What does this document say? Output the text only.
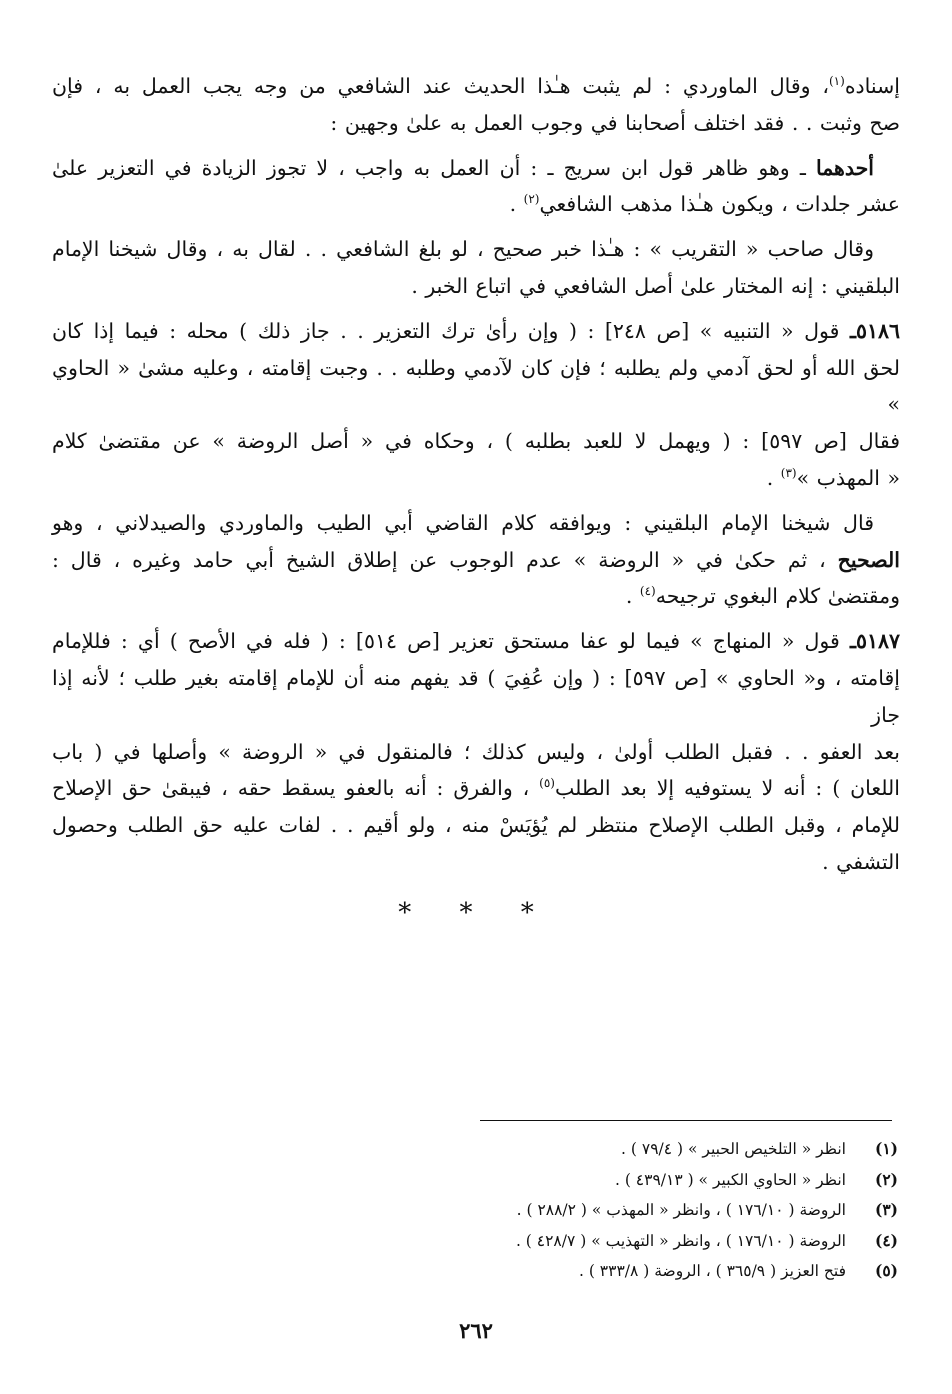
إسناده$^{(١)}$، وقال الماوردي : لم يثبت هـٰذا الحديث عند الشافعي من وجه يجب العمل به ، فإن
صح وثبت . . فقد اختلف أصحابنا في وجوب العمل به علىٰ وجهين :

أحدهما ـ وهو ظاهر قول ابن سريج ـ : أن العمل به واجب ، لا تجوز الزيادة في التعزير علىٰ
عشر جلدات ، ويكون هـٰذا مذهب الشافعي$^{(٢)}$ .

وقال صاحب « التقريب » : هـٰذا خبر صحيح ، لو بلغ الشافعي . . لقال به ، وقال شيخنا الإمام
البلقيني : إنه المختار علىٰ أصل الشافعي في اتباع الخبر .

٥١٨٦ـ قول « التنبيه » [ص ٢٤٨] : ( وإن رأىٰ ترك التعزير . . جاز ذلك ) محله : فيما إذا كان
لحق الله أو لحق آدمي ولم يطلبه ؛ فإن كان لآدمي وطلبه . . وجبت إقامته ، وعليه مشىٰ « الحاوي »
فقال [ص ٥٩٧] : ( ويهمل لا للعبد بطلبه ) ، وحكاه في « أصل الروضة » عن مقتضىٰ كلام
« المهذب »$^{(٣)}$ .

قال شيخنا الإمام البلقيني : ويوافقه كلام القاضي أبي الطيب والماوردي والصيدلاني ، وهو
الصحيح ، ثم حكىٰ في « الروضة » عدم الوجوب عن إطلاق الشيخ أبي حامد وغيره ، قال :
ومقتضىٰ كلام البغوي ترجيحه$^{(٤)}$ .

٥١٨٧ـ قول « المنهاج » فيما لو عفا مستحق تعزير [ص ٥١٤] : ( فله في الأصح ) أي : فللإمام
إقامته ، و« الحاوي » [ص ٥٩٧] : ( وإن عُفِيَ ) قد يفهم منه أن للإمام إقامته بغير طلب ؛ لأنه إذا جاز
بعد العفو . . فقبل الطلب أولىٰ ، وليس كذلك ؛ فالمنقول في « الروضة » وأصلها في ( باب
اللعان ) : أنه لا يستوفيه إلا بعد الطلب$^{(٥)}$ ، والفرق : أنه بالعفو يسقط حقه ، فيبقىٰ حق الإصلاح
للإمام ، وقبل الطلب الإصلاح منتظر لم يُؤيَسْ منه ، ولو أقيم . . لفات عليه حق الطلب وحصول
التشفي .

* * *
(١)انظر « التلخيص الحبير » ( ٧٩/٤ ) .
(٢)انظر « الحاوي الكبير » ( ٤٣٩/١٣ ) .
(٣)الروضة ( ١٧٦/١٠ ) ، وانظر « المهذب » ( ٢٨٨/٢ ) .
(٤)الروضة ( ١٧٦/١٠ ) ، وانظر « التهذيب » ( ٤٢٨/٧ ) .
(٥)فتح العزيز ( ٣٦٥/٩ ) ، الروضة ( ٣٣٣/٨ ) .
٢٦٢
